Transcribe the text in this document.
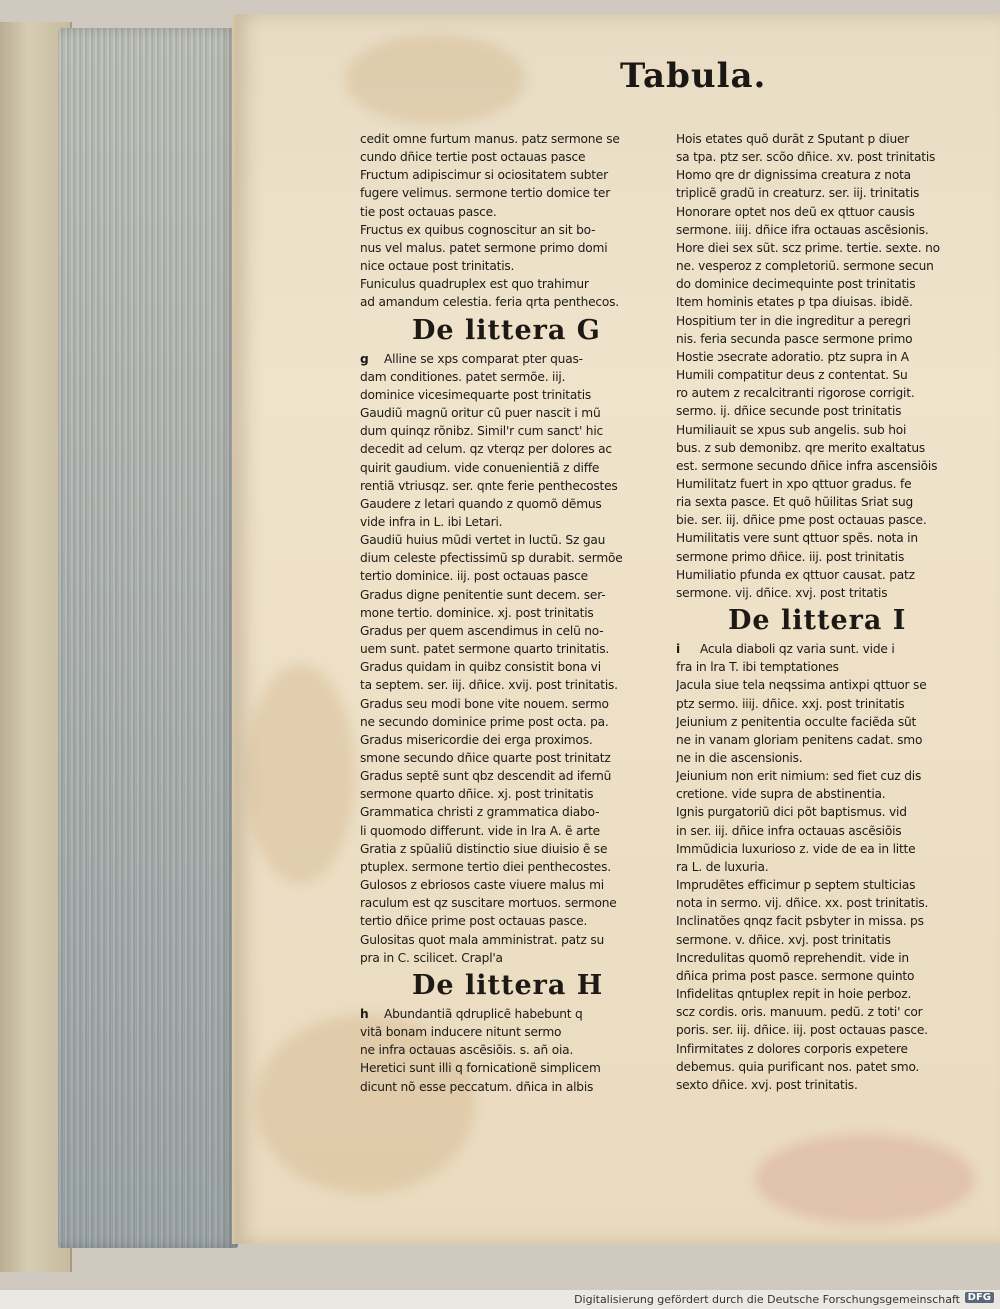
Tabula.
cedit omne furtum manus. patz sermone se
cundo dñice tertie post octauas pasce
Fructum adipiscimur si ociositatem subter
fugere velimus. sermone tertio domice ter
tie post octauas pasce.
Fructus ex quibus cognoscitur an sit bo-
nus vel malus. patet sermone primo domi
nice octaue post trinitatis.
Funiculus quadruplex est quo trahimur
ad amandum celestia. feria qrta penthecos.
De littera G
g Alline se xps comparat pter quas-
dam conditiones. patet sermõe. iij.
dominice vicesimequarte post trinitatis
Gaudiũ magnũ oritur cũ puer nascit i mũ
dum quinqz rõnibz. Simil'r cum sanct' hic
decedit ad celum. qz vterqz per dolores ac
quirit gaudium. vide conuenientiã z diffe
rentiã vtriusqz. ser. qnte ferie penthecostes
Gaudere z letari quando z quomõ dẽmus
vide infra in L. ibi Letari.
Gaudiũ huius mũdi vertet in luctũ. Sz gau
dium celeste pfectissimũ sp durabit. sermõe
tertio dominice. iij. post octauas pasce
Gradus digne penitentie sunt decem. ser-
mone tertio. dominice. xj. post trinitatis
Gradus per quem ascendimus in celũ no-
uem sunt. patet sermone quarto trinitatis.
Gradus quidam in quibz consistit bona vi
ta septem. ser. iij. dñice. xvij. post trinitatis.
Gradus seu modi bone vite nouem. sermo
ne secundo dominice prime post octa. pa.
Gradus misericordie dei erga proximos.
smone secundo dñice quarte post trinitatz
Gradus septẽ sunt qbz descendit ad ifernũ
sermone quarto dñice. xj. post trinitatis
Grammatica christi z grammatica diabo-
li quomodo differunt. vide in lra A. ẽ arte
Gratia z spũaliũ distinctio siue diuisio ẽ se
ptuplex. sermone tertio diei penthecostes.
Gulosos z ebriosos caste viuere malus mi
raculum est qz suscitare mortuos. sermone
tertio dñice prime post octauas pasce.
Gulositas quot mala amministrat. patz su
pra in C. scilicet. Crapl'a
De littera H
h Abundantiã qdruplicẽ habebunt q
vitã bonam inducere nitunt sermo
ne infra octauas ascẽsiõis. s. añ oia.
Heretici sunt illi q fornicationẽ simplicem
dicunt nõ esse peccatum. dñica in albis
Hois etates quõ durãt z Sputant p diuer
sa tpa. ptz ser. scõo dñice. xv. post trinitatis
Homo qre dr dignissima creatura z nota
triplicẽ gradũ in creaturz. ser. iij. trinitatis
Honorare optet nos deũ ex qttuor causis
sermone. iiij. dñice ifra octauas ascẽsionis.
Hore diei sex sũt. scz prime. tertie. sexte. no
ne. vesperoz z completoriũ. sermone secun
do dominice decimequinte post trinitatis
Item hominis etates p tpa diuisas. ibidẽ.
Hospitium ter in die ingreditur a peregri
nis. feria secunda pasce sermone primo
Hostie ɔsecrate adoratio. ptz supra in A
Humili compatitur deus z contentat. Su
ro autem z recalcitranti rigorose corrigit.
sermo. ij. dñice secunde post trinitatis
Humiliauit se xpus sub angelis. sub hoi
bus. z sub demonibz. qre merito exaltatus
est. sermone secundo dñice infra ascensiõis
Humilitatz fuert in xpo qttuor gradus. fe
ria sexta pasce. Et quõ hũilitas Sriat sug
bie. ser. iij. dñice pme post octauas pasce.
Humilitatis vere sunt qttuor spẽs. nota in
sermone primo dñice. iij. post trinitatis
Humiliatio pfunda ex qttuor causat. patz
sermone. vij. dñice. xvj. post tritatis
De littera I
i Acula diaboli qz varia sunt. vide i
fra in lra T. ibi temptationes
Jacula siue tela neqssima antixpi qttuor se
ptz sermo. iiij. dñice. xxj. post trinitatis
Jeiunium z penitentia occulte faciẽda sũt
ne in vanam gloriam penitens cadat. smo
ne in die ascensionis.
Jeiunium non erit nimium: sed fiet cuz dis
cretione. vide supra de abstinentia.
Ignis purgatoriũ dici põt baptismus. vid
in ser. iij. dñice infra octauas ascẽsiõis
Immũdicia luxurioso z. vide de ea in litte
ra L. de luxuria.
Imprudẽtes efficimur p septem stulticias
nota in sermo. vij. dñice. xx. post trinitatis.
Inclinatões qnqz facit psbyter in missa. ps
sermone. v. dñice. xvj. post trinitatis
Incredulitas quomõ reprehendit. vide in
dñica prima post pasce. sermone quinto
Infidelitas qntuplex repit in hoie perboz.
scz cordis. oris. manuum. pedũ. z toti' cor
poris. ser. iij. dñice. iij. post octauas pasce.
Infirmitates z dolores corporis expetere
debemus. quia purificant nos. patet smo.
sexto dñice. xvj. post trinitatis.
Digitalisierung gefördert durch die Deutsche Forschungsgemeinschaft DFG
